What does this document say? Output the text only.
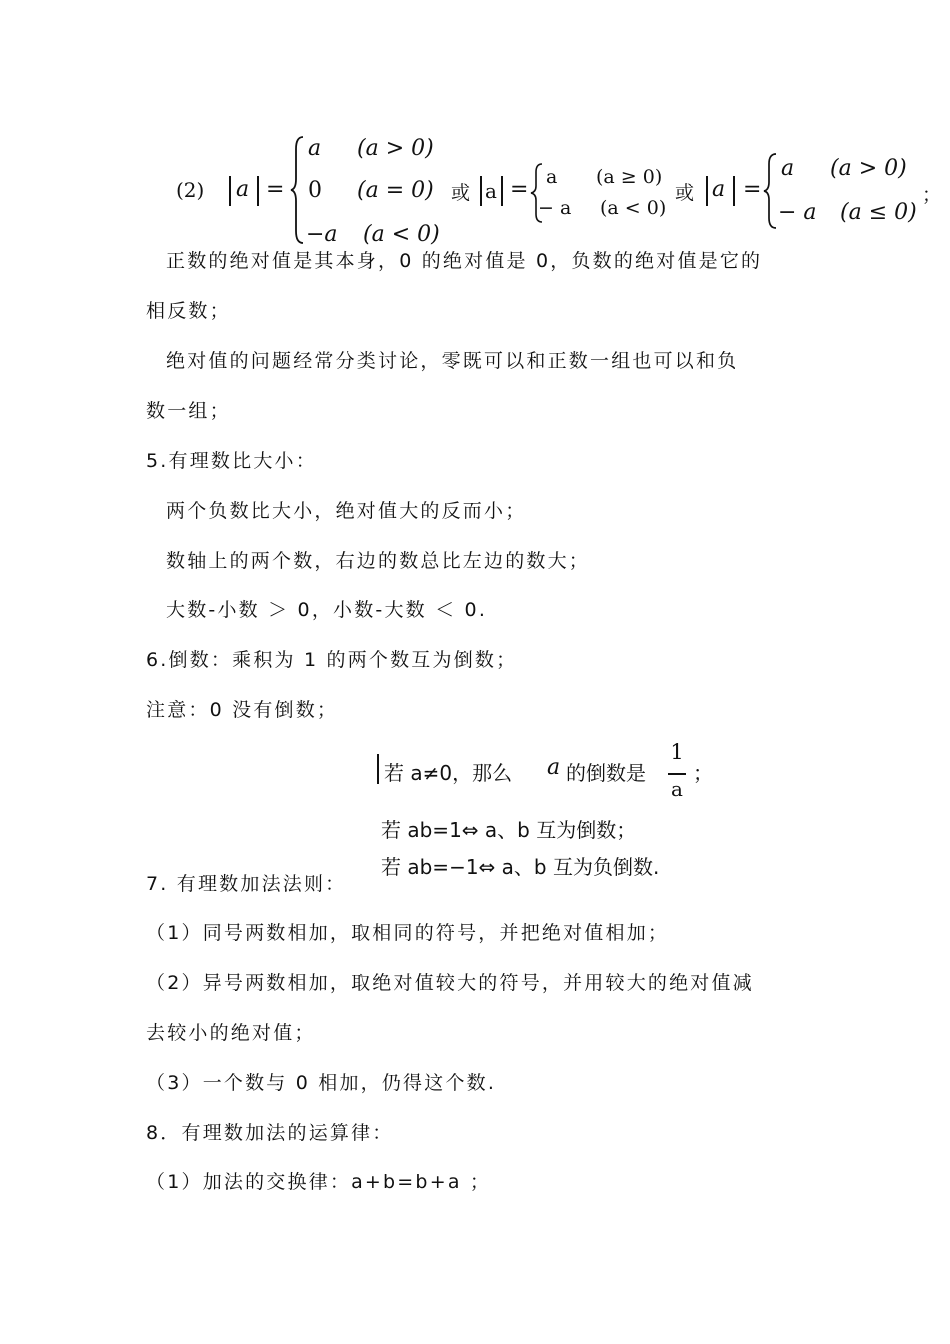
(2) a =
a (a > 0)
0 (a = 0)
−a (a < 0)
或 a = a (a ≥ 0)
− a (a < 0)
或 a =
a (a > 0)
− a (a ≤ 0)
；
正数的绝对值是其本身，0 的绝对值是 0，负数的绝对值是它的
相反数；
绝对值的问题经常分类讨论，零既可以和正数一组也可以和负
数一组；
5.有理数比大小：
两个负数比大小，绝对值大的反而小；
数轴上的两个数，右边的数总比左边的数大；
大数-小数 ＞ 0，小数-大数 ＜ 0.
6.倒数：乘积为 1 的两个数互为倒数；
注意：0 没有倒数；
若 a≠0，那么 a 的倒数是
1
a
；
若 ab=1⇔ a、b 互为倒数；
若 ab=−1⇔ a、b 互为负倒数.
7. 有理数加法法则：
（1）同号两数相加，取相同的符号，并把绝对值相加；
（2）异号两数相加，取绝对值较大的符号，并用较大的绝对值减
去较小的绝对值；
（3）一个数与 0 相加，仍得这个数.
8．有理数加法的运算律：
（1）加法的交换律：a+b=b+a ；
